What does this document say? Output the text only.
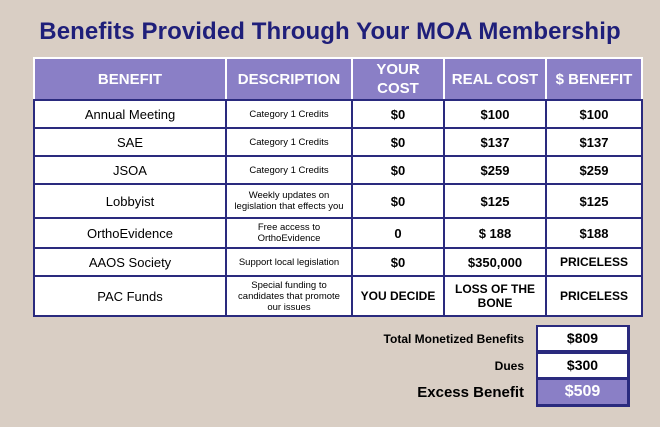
Benefits Provided Through Your MOA Membership
BENEFIT	DESCRIPTION	YOUR COST	REAL COST	$ BENEFIT
Annual Meeting	Category 1 Credits	$0	$100	$100
SAE	Category 1 Credits	$0	$137	$137
JSOA	Category 1 Credits	$0	$259	$259
Lobbyist	Weekly updates on legislation that effects you	$0	$125	$125
OrthoEvidence	Free access to OrthoEvidence	0	$ 188	$188
AAOS Society	Support local legislation	$0	$350,000	PRICELESS
PAC Funds	Special funding to candidates that promote our issues	YOU DECIDE	LOSS OF THE BONE	PRICELESS
Total Monetized Benefits	$809
Dues	$300
Excess Benefit	$509
